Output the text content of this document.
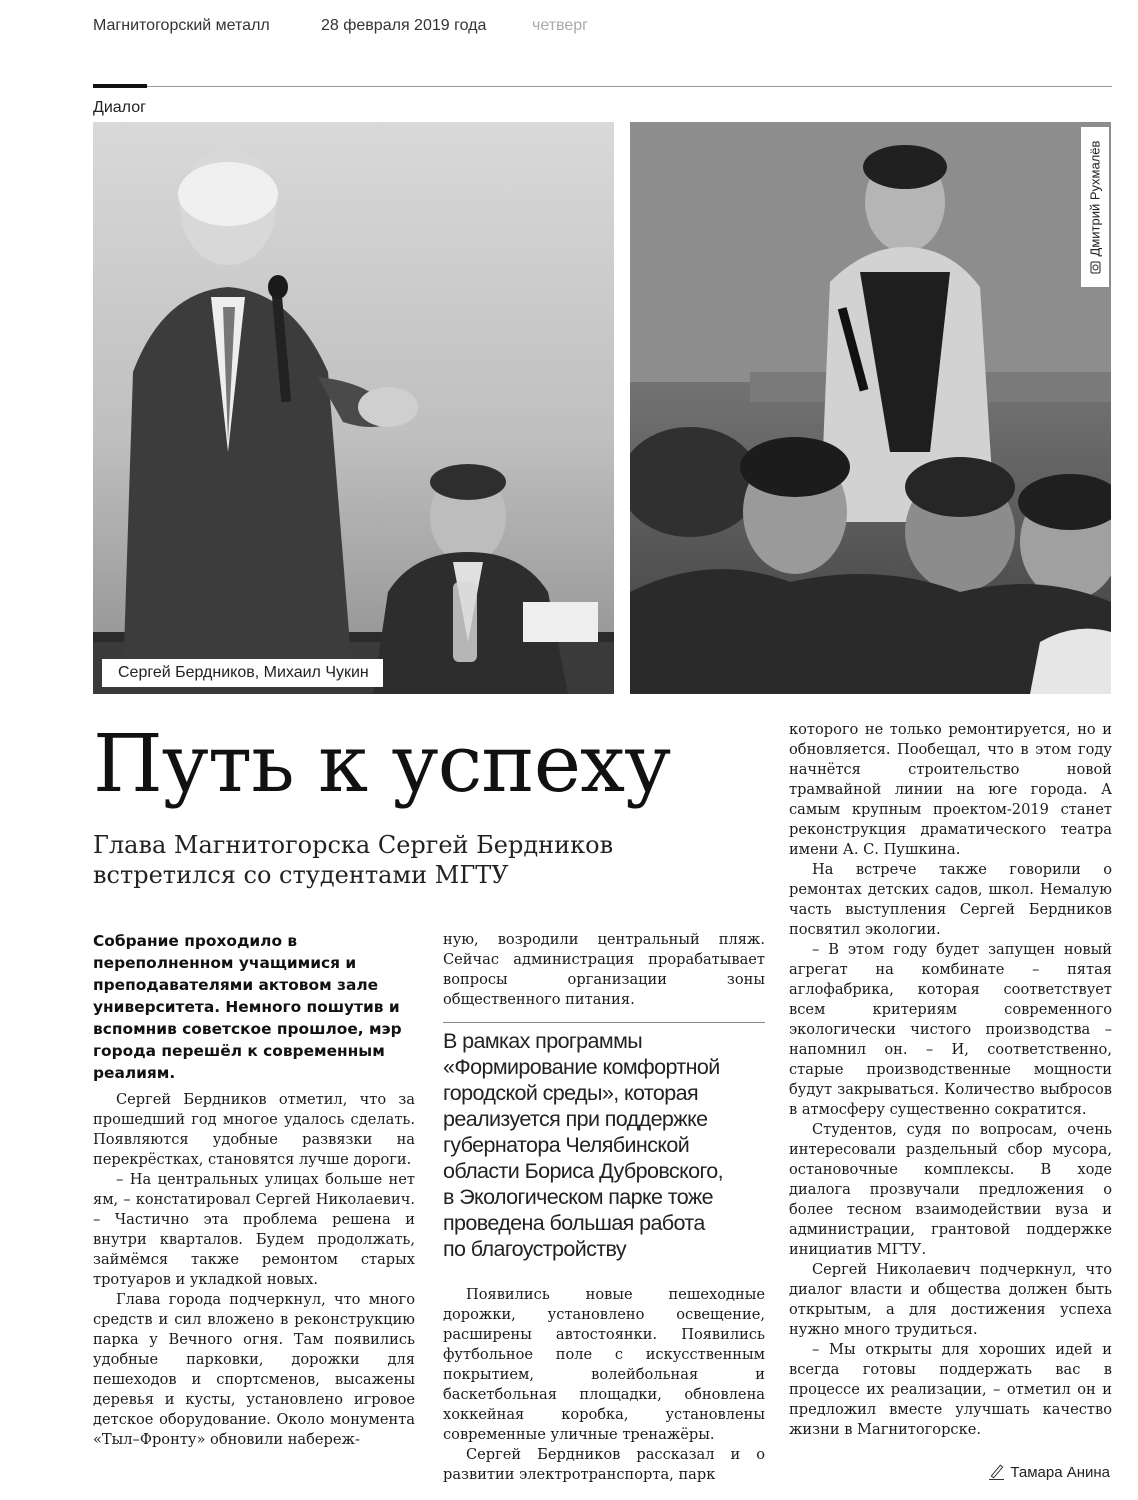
Магнитогорский металл	28 февраля 2019 года	четверг
Диалог
Сергей Бердников, Михаил Чукин
Дмитрий Рухмалёв
Путь к успеху
Глава Магнитогорска Сергей Бердников
встретился со студентами МГТУ
Собрание проходило в переполненном учащимися и преподавателями актовом зале университета. Немного пошутив и вспомнив советское прошлое, мэр города перешёл к современным реалиям.

Сергей Бердников отметил, что за прошедший год многое удалось сделать. Появляются удобные развязки на перекрёстках, становятся лучше дороги.

– На центральных улицах больше нет ям, – констатировал Сергей Николаевич. – Частично эта проблема решена и внутри кварталов. Будем продолжать, займёмся также ремонтом старых тротуаров и укладкой новых.

Глава города подчеркнул, что много средств и сил вложено в реконструкцию парка у Вечного огня. Там появились удобные парковки, дорожки для пешеходов и спортсменов, высажены деревья и кусты, установлено игровое детское оборудование. Около монумента «Тыл–Фронту» обновили набереж-

ную, возродили центральный пляж. Сейчас администрация прорабатывает вопросы организации зоны общественного питания.

В рамках программы
«Формирование комфортной
городской среды», которая
реализуется при поддержке
губернатора Челябинской
области Бориса Дубровского,
в Экологическом парке тоже
проведена большая работа
по благоустройству

Появились новые пешеходные дорожки, установлено освещение, расширены автостоянки. Появились футбольное поле с искусственным покрытием, волейбольная и баскетбольная площадки, обновлена хоккейная коробка, установлены современные уличные тренажёры.

Сергей Бердников рассказал и о развитии электротранспорта, парк

которого не только ремонтируется, но и обновляется. Пообещал, что в этом году начнётся строительство новой трамвайной линии на юге города. А самым крупным проектом-2019 станет реконструкция драматического театра имени А. С. Пушкина.

На встрече также говорили о ремонтах детских садов, школ. Немалую часть выступления Сергей Бердников посвятил экологии.

– В этом году будет запущен новый агрегат на комбинате – пятая аглофабрика, которая соответствует всем критериям современного экологически чистого производства – напомнил он. – И, соответственно, старые производственные мощности будут закрываться. Количество выбросов в атмосферу существенно сократится.

Студентов, судя по вопросам, очень интересовали раздельный сбор мусора, остановочные комплексы. В ходе диалога прозвучали предложения о более тесном взаимодействии вуза и администрации, грантовой поддержке инициатив МГТУ.

Сергей Николаевич подчеркнул, что диалог власти и общества должен быть открытым, а для достижения успеха нужно много трудиться.

– Мы открыты для хороших идей и всегда готовы поддержать вас в процессе их реализации, – отметил он и предложил вместе улучшать качество жизни в Магнитогорске.

Тамара Анина
